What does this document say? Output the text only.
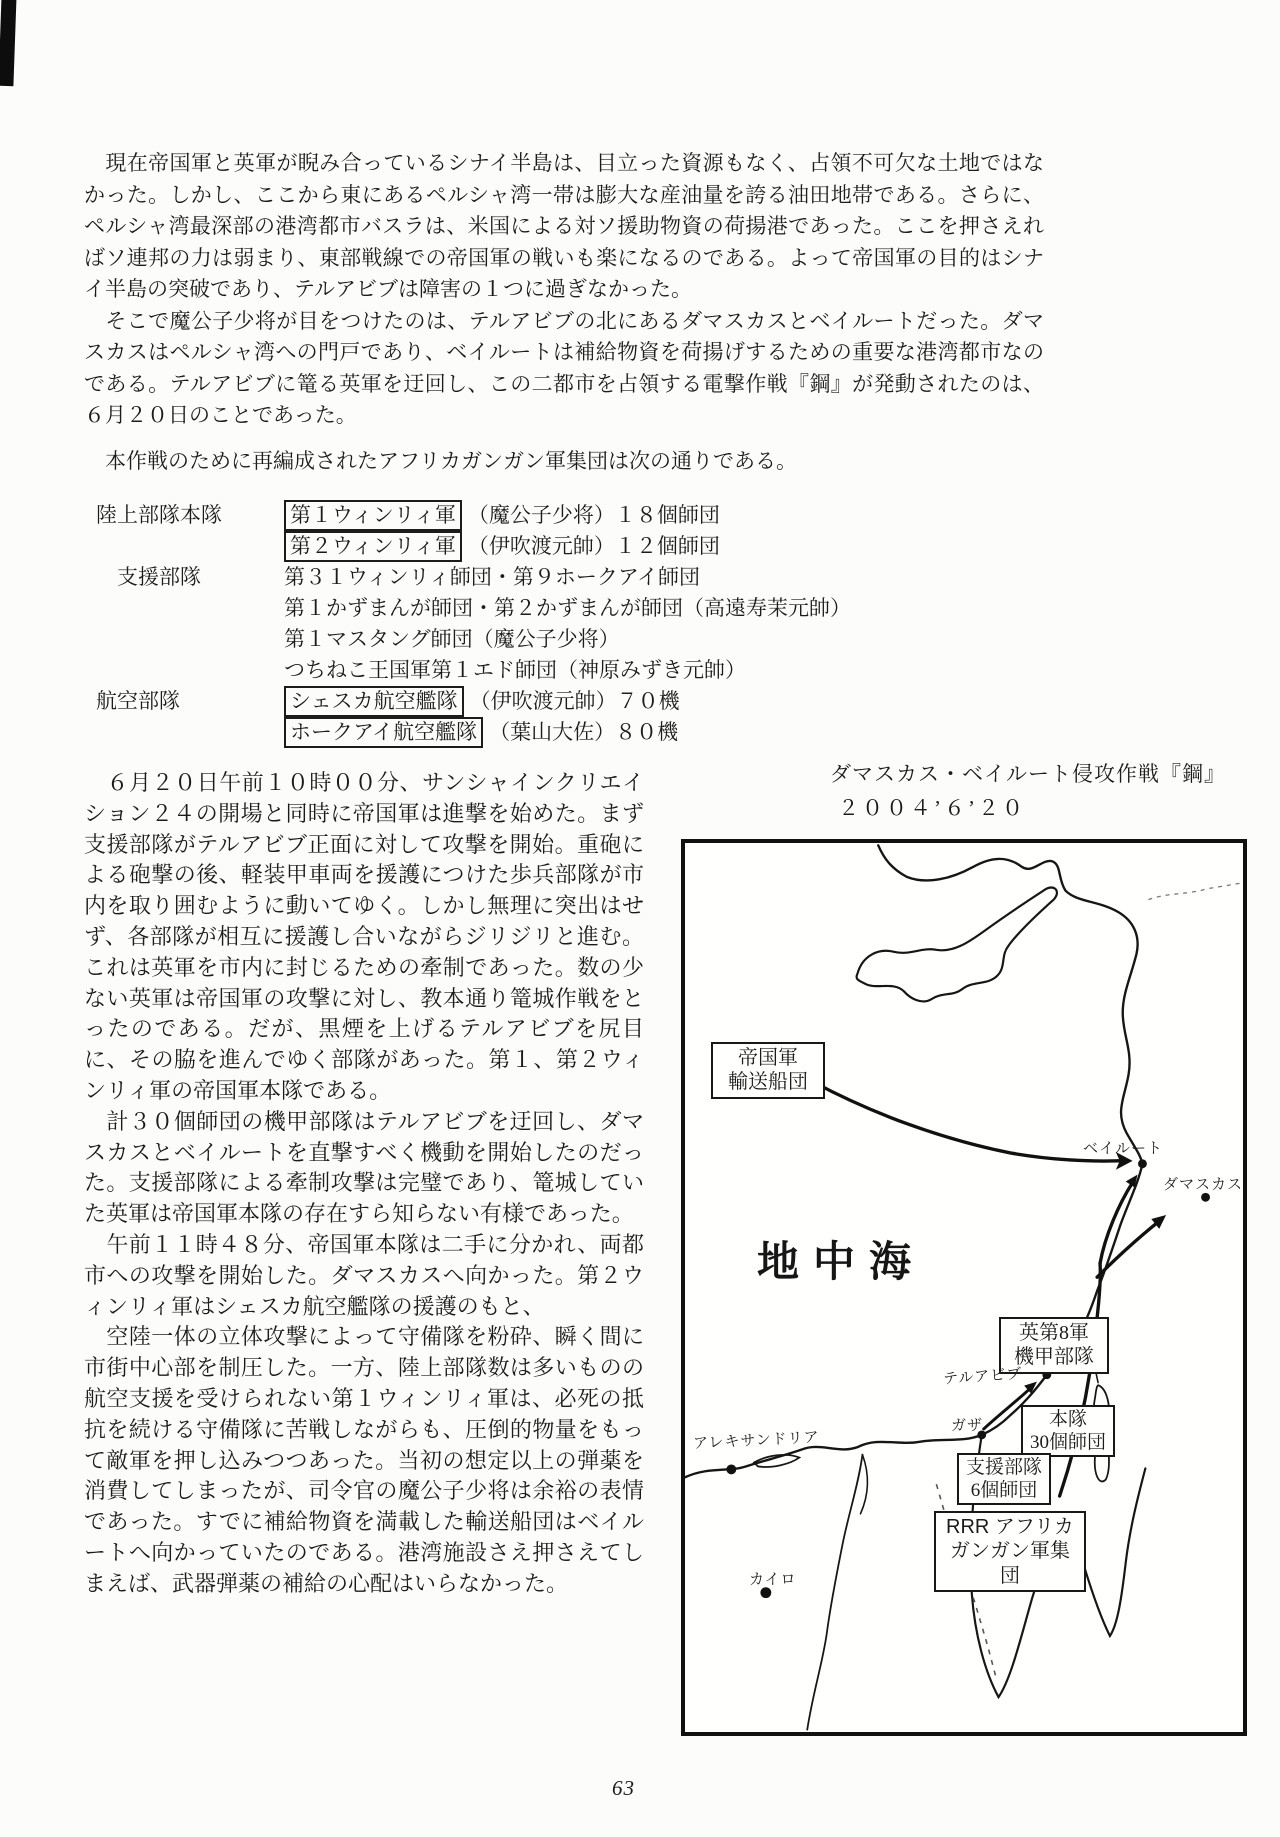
　現在帝国軍と英軍が睨み合っているシナイ半島は、目立った資源もなく、占領不可欠な土地ではなかった。しかし、ここから東にあるペルシャ湾一帯は膨大な産油量を誇る油田地帯である。さらに、ペルシャ湾最深部の港湾都市バスラは、米国による対ソ援助物資の荷揚港であった。ここを押さえればソ連邦の力は弱まり、東部戦線での帝国軍の戦いも楽になるのである。よって帝国軍の目的はシナイ半島の突破であり、テルアビブは障害の１つに過ぎなかった。

　そこで魔公子少将が目をつけたのは、テルアビブの北にあるダマスカスとベイルートだった。ダマスカスはペルシャ湾への門戸であり、ベイルートは補給物資を荷揚げするための重要な港湾都市なのである。テルアビブに篭る英軍を迂回し、この二都市を占領する電撃作戦『鋼』が発動されたのは、６月２０日のことであった。

　本作戦のために再編成されたアフリカガンガン軍集団は次の通りである。

陸上部隊本隊	第１ウィンリィ軍 （魔公子少将）１８個師団
第２ウィンリィ軍 （伊吹渡元帥）１２個師団
　支援部隊	第３１ウィンリィ師団・第９ホークアイ師団
第１かずまんが師団・第２かずまんが師団（高遠寿茉元帥）
第１マスタング師団（魔公子少将）
つちねこ王国軍第１エド師団（神原みずき元帥）
航空部隊	シェスカ航空艦隊 （伊吹渡元帥）７０機
ホークアイ航空艦隊 （葉山大佐）８０機

　６月２０日午前１０時００分、サンシャインクリエイション２４の開場と同時に帝国軍は進撃を始めた。まず支援部隊がテルアビブ正面に対して攻撃を開始。重砲による砲撃の後、軽装甲車両を援護につけた歩兵部隊が市内を取り囲むように動いてゆく。しかし無理に突出はせず、各部隊が相互に援護し合いながらジリジリと進む。これは英軍を市内に封じるための牽制であった。数の少ない英軍は帝国軍の攻撃に対し、教本通り篭城作戦をとったのである。だが、黒煙を上げるテルアビブを尻目に、その脇を進んでゆく部隊があった。第１、第２ウィンリィ軍の帝国軍本隊である。

　計３０個師団の機甲部隊はテルアビブを迂回し、ダマスカスとベイルートを直撃すべく機動を開始したのだった。支援部隊による牽制攻撃は完璧であり、篭城していた英軍は帝国軍本隊の存在すら知らない有様であった。

　午前１１時４８分、帝国軍本隊は二手に分かれ、両都市への攻撃を開始した。ダマスカスへ向かった。第２ウィンリィ軍はシェスカ航空艦隊の援護のもと、

　空陸一体の立体攻撃によって守備隊を粉砕、瞬く間に市街中心部を制圧した。一方、陸上部隊数は多いものの航空支援を受けられない第１ウィンリィ軍は、必死の抵抗を続ける守備隊に苦戦しながらも、圧倒的物量をもって敵軍を押し込みつつあった。当初の想定以上の弾薬を消費してしまったが、司令官の魔公子少将は余裕の表情であった。すでに補給物資を満載した輸送船団はベイルートへ向かっていたのである。港湾施設さえ押さえてしまえば、武器弾薬の補給の心配はいらなかった。

ダマスカス・ベイルート侵攻作戦『鋼』
２００４’６’２０
地中海
帝国軍
輸送船団
英第8軍
機甲部隊
本隊
30個師団
支援部隊
6個師団
RRR アフリカ
ガンガン軍集団
ベイルート
ダマスカス
テルアビブ
ガザ
アレキサンドリア
カイロ
63
